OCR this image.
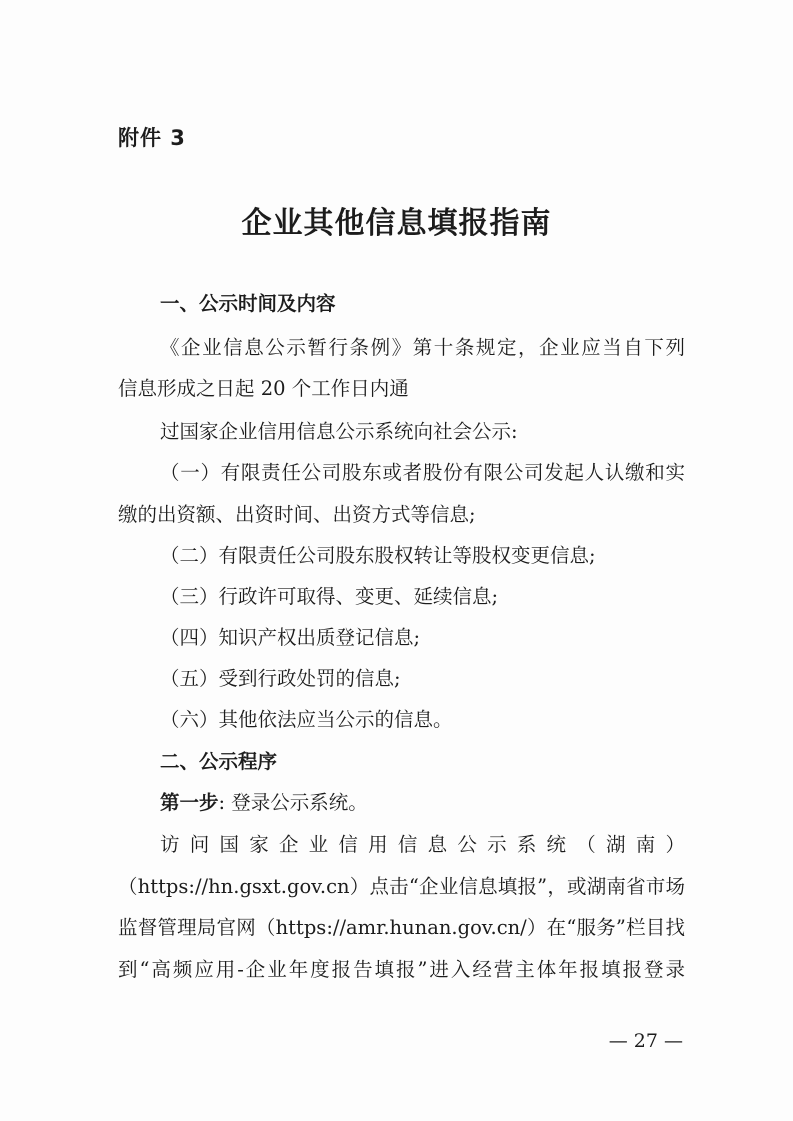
附件 3
企业其他信息填报指南
一、公示时间及内容
《企业信息公示暂行条例》第十条规定，企业应当自下列
信息形成之日起 20 个工作日内通
过国家企业信用信息公示系统向社会公示:
（一）有限责任公司股东或者股份有限公司发起人认缴和实
缴的出资额、出资时间、出资方式等信息;
（二）有限责任公司股东股权转让等股权变更信息;
（三）行政许可取得、变更、延续信息;
（四）知识产权出质登记信息;
（五）受到行政处罚的信息;
（六）其他依法应当公示的信息。
二、公示程序
第一步: 登录公示系统。
访问国家企业信用信息公示系统（湖南）
（https://hn.gsxt.gov.cn）点击“企业信息填报”，或湖南省市场
监督管理局官网（https://amr.hunan.gov.cn/）在“服务”栏目找
到“高频应用-企业年度报告填报”进入经营主体年报填报登录
— 27 —
